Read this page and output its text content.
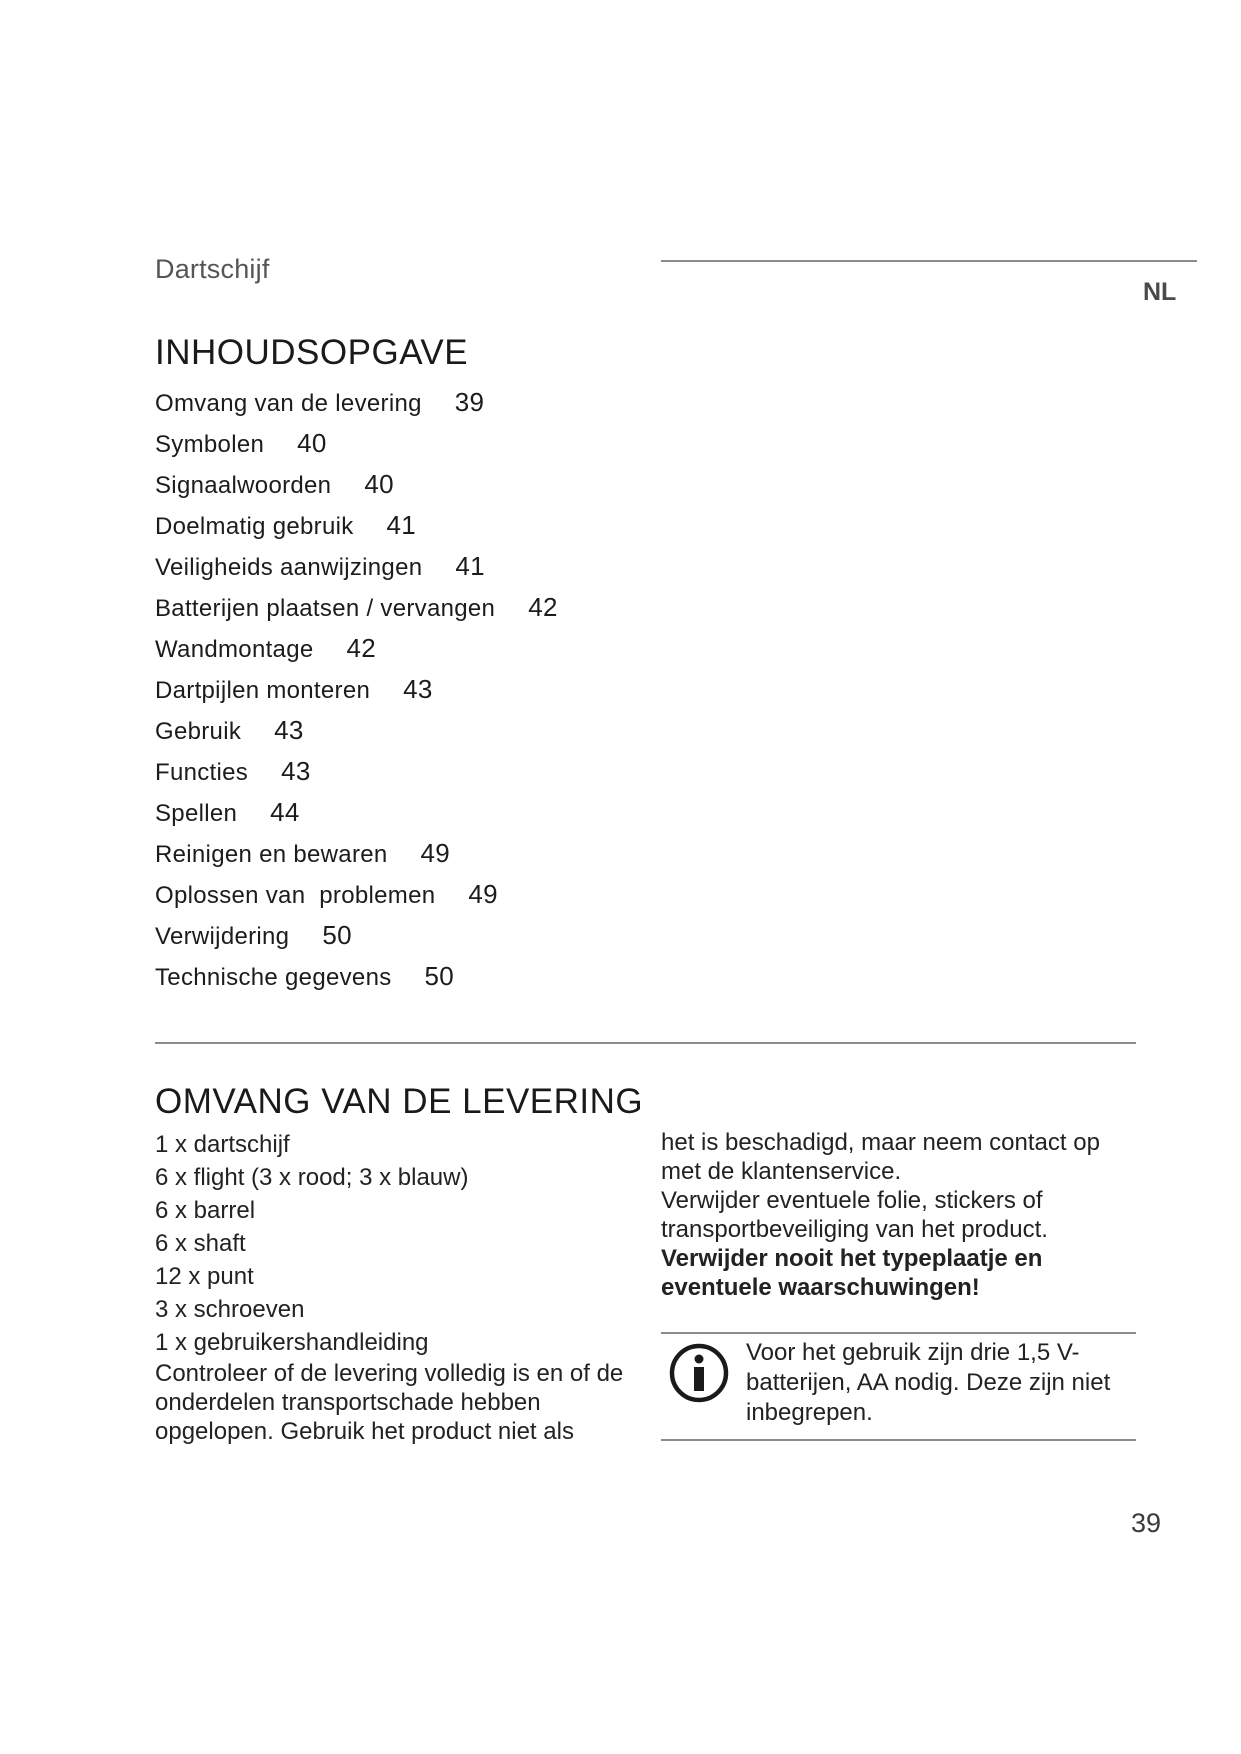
Dartschijf
NL
INHOUDSOPGAVE
Omvang van de levering 39
Symbolen 40
Signaalwoorden 40
Doelmatig gebruik 41
Veiligheids aanwijzingen 41
Batterijen plaatsen / vervangen 42
Wandmontage 42
Dartpijlen monteren 43
Gebruik 43
Functies 43
Spellen 44
Reinigen en bewaren 49
Oplossen van  problemen 49
Verwijdering 50
Technische gegevens 50
OMVANG VAN DE LEVERING
1 x dartschijf
6 x flight (3 x rood; 3 x blauw)
6 x barrel
6 x shaft
12 x punt
3 x schroeven
1 x gebruikershandleiding

Controleer of de levering volledig is en of de onderdelen transportschade hebben opgelopen. Gebruik het product niet als

het is beschadigd, maar neem contact op met de klantenservice.

Verwijder eventuele folie, stickers of transportbeveiliging van het product. Verwijder nooit het typeplaatje en eventuele waarschuwingen!

Voor het gebruik zijn drie 1,5 V-batterijen, AA nodig. Deze zijn niet inbegrepen.
39
